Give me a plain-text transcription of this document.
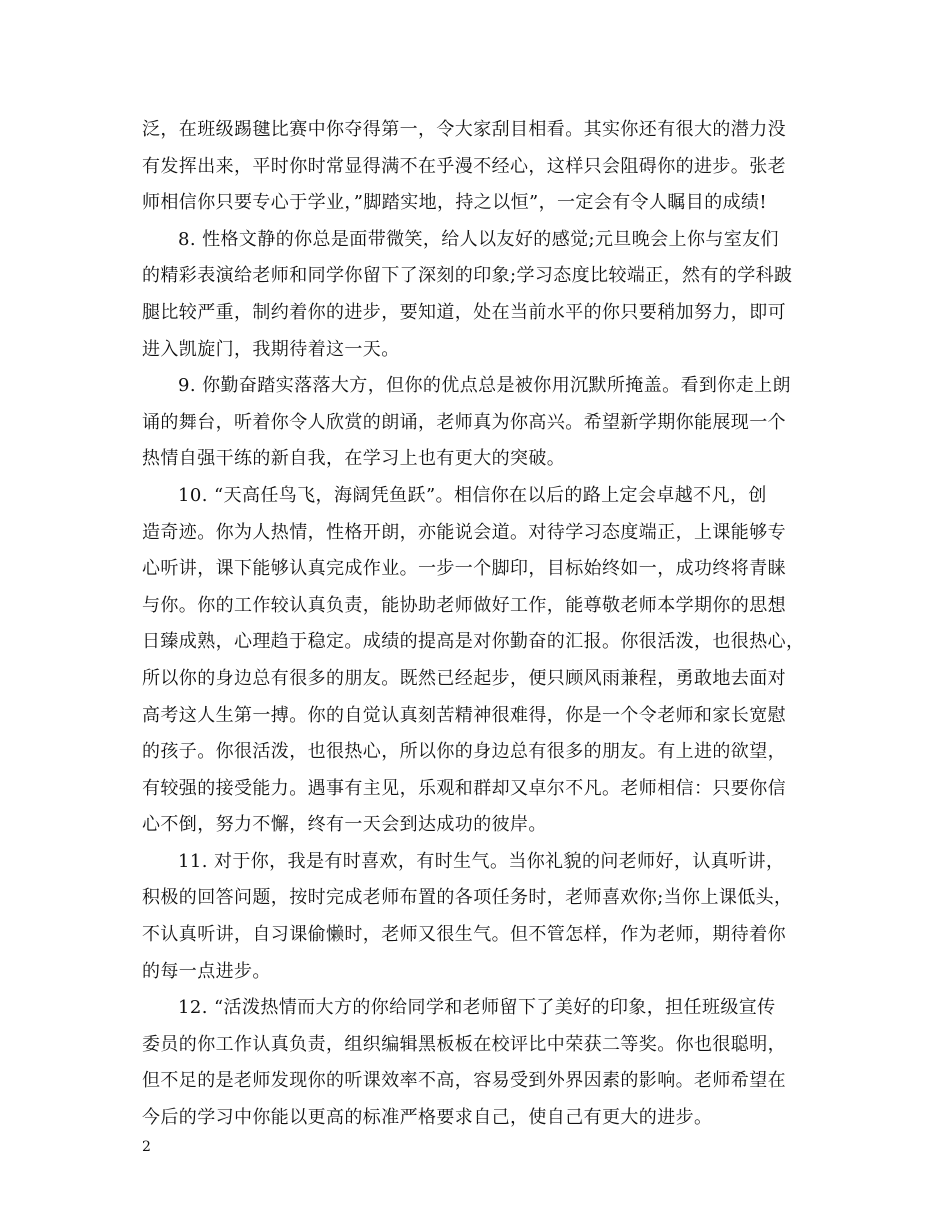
泛，在班级踢毽比赛中你夺得第一，令大家刮目相看。其实你还有很大的潜力没
有发挥出来，平时你时常显得满不在乎漫不经心，这样只会阻碍你的进步。张老
师相信你只要专心于学业，”脚踏实地，持之以恒”，一定会有令人瞩目的成绩!
8. 性格文静的你总是面带微笑，给人以友好的感觉;元旦晚会上你与室友们
的精彩表演给老师和同学你留下了深刻的印象;学习态度比较端正，然有的学科跛
腿比较严重，制约着你的进步，要知道，处在当前水平的你只要稍加努力，即可
进入凯旋门，我期待着这一天。
9. 你勤奋踏实落落大方，但你的优点总是被你用沉默所掩盖。看到你走上朗
诵的舞台，听着你令人欣赏的朗诵，老师真为你高兴。希望新学期你能展现一个
热情自强干练的新自我，在学习上也有更大的突破。
10. “天高任鸟飞，海阔凭鱼跃”。相信你在以后的路上定会卓越不凡，创
造奇迹。你为人热情，性格开朗，亦能说会道。对待学习态度端正，上课能够专
心听讲，课下能够认真完成作业。一步一个脚印，目标始终如一，成功终将青睐
与你。你的工作较认真负责，能协助老师做好工作，能尊敬老师本学期你的思想
日臻成熟，心理趋于稳定。成绩的提高是对你勤奋的汇报。你很活泼，也很热心，
所以你的身边总有很多的朋友。既然已经起步，便只顾风雨兼程，勇敢地去面对
高考这人生第一搏。你的自觉认真刻苦精神很难得，你是一个令老师和家长宽慰
的孩子。你很活泼，也很热心，所以你的身边总有很多的朋友。有上进的欲望，
有较强的接受能力。遇事有主见，乐观和群却又卓尔不凡。老师相信：只要你信
心不倒，努力不懈，终有一天会到达成功的彼岸。
11. 对于你，我是有时喜欢，有时生气。当你礼貌的问老师好，认真听讲，
积极的回答问题，按时完成老师布置的各项任务时，老师喜欢你;当你上课低头，
不认真听讲，自习课偷懒时，老师又很生气。但不管怎样，作为老师，期待着你
的每一点进步。
12. “活泼热情而大方的你给同学和老师留下了美好的印象，担任班级宣传
委员的你工作认真负责，组织编辑黑板板在校评比中荣获二等奖。你也很聪明，
但不足的是老师发现你的听课效率不高，容易受到外界因素的影响。老师希望在
今后的学习中你能以更高的标准严格要求自己，使自己有更大的进步。
2
